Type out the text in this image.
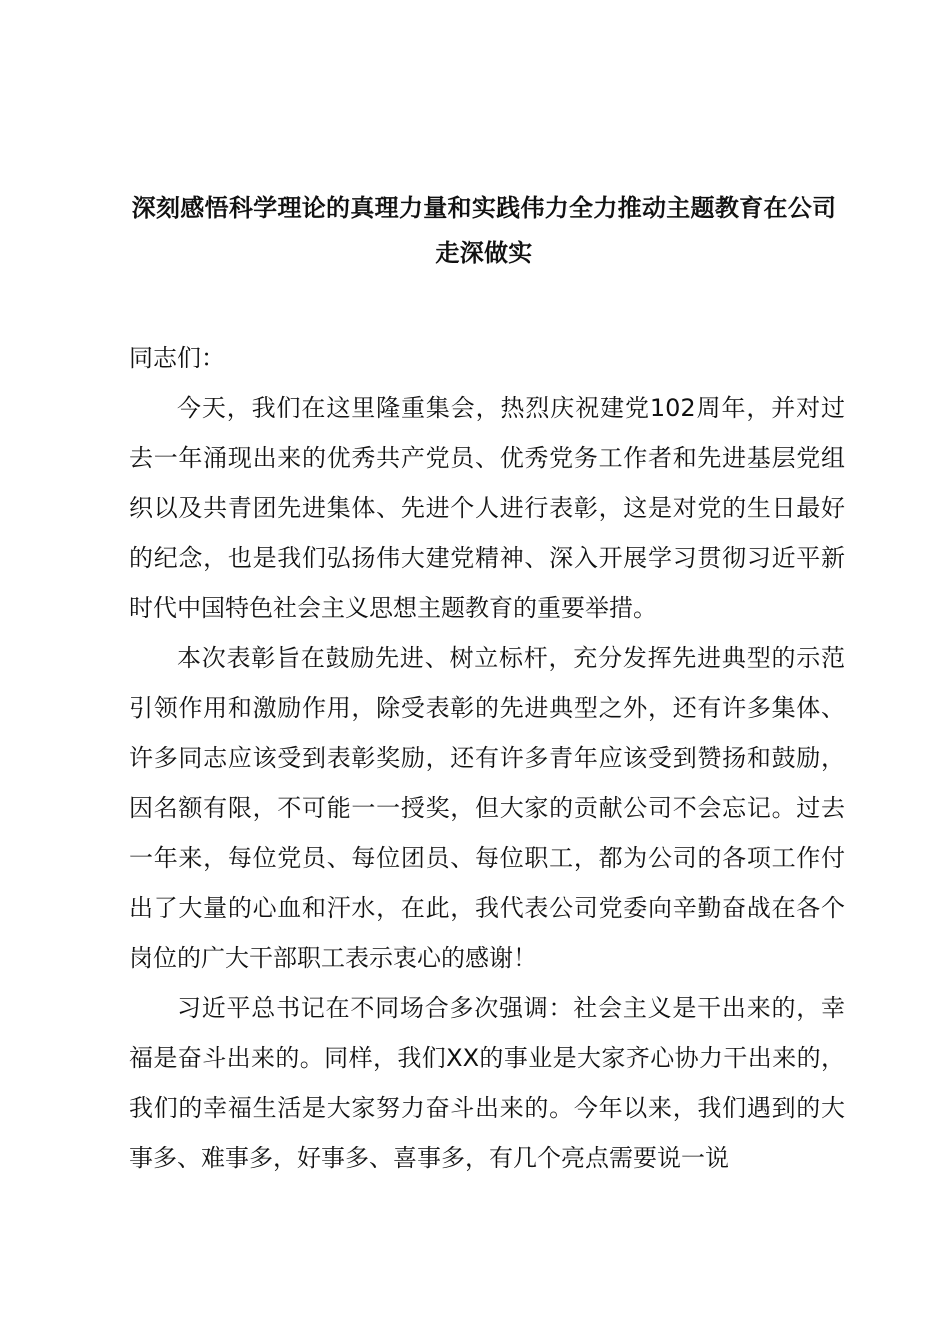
深刻感悟科学理论的真理力量和实践伟力全力推动主题教育在公司走深做实

同志们：

今天，我们在这里隆重集会，热烈庆祝建党102周年，并对过去一年涌现出来的优秀共产党员、优秀党务工作者和先进基层党组织以及共青团先进集体、先进个人进行表彰，这是对党的生日最好的纪念，也是我们弘扬伟大建党精神、深入开展学习贯彻习近平新时代中国特色社会主义思想主题教育的重要举措。

本次表彰旨在鼓励先进、树立标杆，充分发挥先进典型的示范引领作用和激励作用，除受表彰的先进典型之外，还有许多集体、许多同志应该受到表彰奖励，还有许多青年应该受到赞扬和鼓励，因名额有限，不可能一一授奖，但大家的贡献公司不会忘记。过去一年来，每位党员、每位团员、每位职工，都为公司的各项工作付出了大量的心血和汗水，在此，我代表公司党委向辛勤奋战在各个岗位的广大干部职工表示衷心的感谢！

习近平总书记在不同场合多次强调：社会主义是干出来的，幸福是奋斗出来的。同样，我们XX的事业是大家齐心协力干出来的，我们的幸福生活是大家努力奋斗出来的。今年以来，我们遇到的大事多、难事多，好事多、喜事多，有几个亮点需要说一说
